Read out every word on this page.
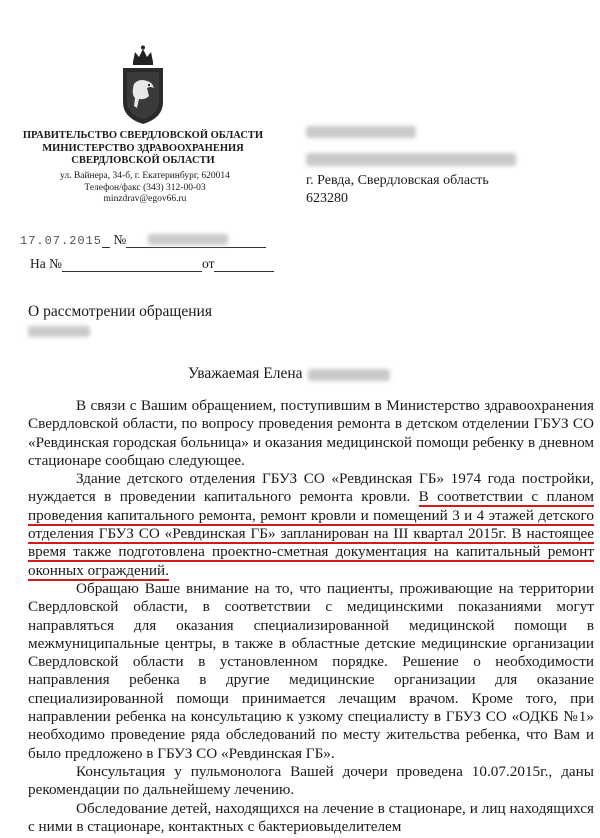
ПРАВИТЕЛЬСТВО СВЕРДЛОВСКОЙ ОБЛАСТИ
МИНИСТЕРСТВО ЗДРАВООХРАНЕНИЯ
СВЕРДЛОВСКОЙ ОБЛАСТИ
ул. Вайнера, 34-б, г. Екатеринбург, 620014
Телефон/факс (343) 312-00-03
minzdrav@egov66.ru
г. Ревда, Свердловская область
623280
17.07.2015 №
На №	от
О рассмотрении обращения
Уважаемая Елена

В связи с Вашим обращением, поступившим в Министерство здравоохранения Свердловской области, по вопросу проведения ремонта в детском отделении ГБУЗ СО «Ревдинская городская больница» и оказания медицинской помощи ребенку в дневном стационаре сообщаю следующее.

Здание детского отделения ГБУЗ СО «Ревдинская ГБ» 1974 года постройки, нуждается в проведении капитального ремонта кровли. В соответствии с планом проведения капитального ремонта, ремонт кровли и помещений 3 и 4 этажей детского отделения ГБУЗ СО «Ревдинская ГБ» запланирован на III квартал 2015г. В настоящее время также подготовлена проектно-сметная документация на капитальный ремонт оконных ограждений.

Обращаю Ваше внимание на то, что пациенты, проживающие на территории Свердловской области, в соответствии с медицинскими показаниями могут направляться для оказания специализированной медицинской помощи в межмуниципальные центры, в также в областные детские медицинские организации Свердловской области в установленном порядке. Решение о необходимости направления ребенка в другие медицинские организации для оказание специализированной помощи принимается лечащим врачом. Кроме того, при направлении ребенка на консультацию к узкому специалисту в ГБУЗ СО «ОДКБ №1» необходимо проведение ряда обследований по месту жительства ребенка, что Вам и было предложено в ГБУЗ СО «Ревдинская ГБ».

Консультация у пульмонолога Вашей дочери проведена 10.07.2015г., даны рекомендации по дальнейшему лечению.

Обследование детей, находящихся на лечение в стационаре, и лиц находящихся с ними в стационаре, контактных с бактериовыделителем
